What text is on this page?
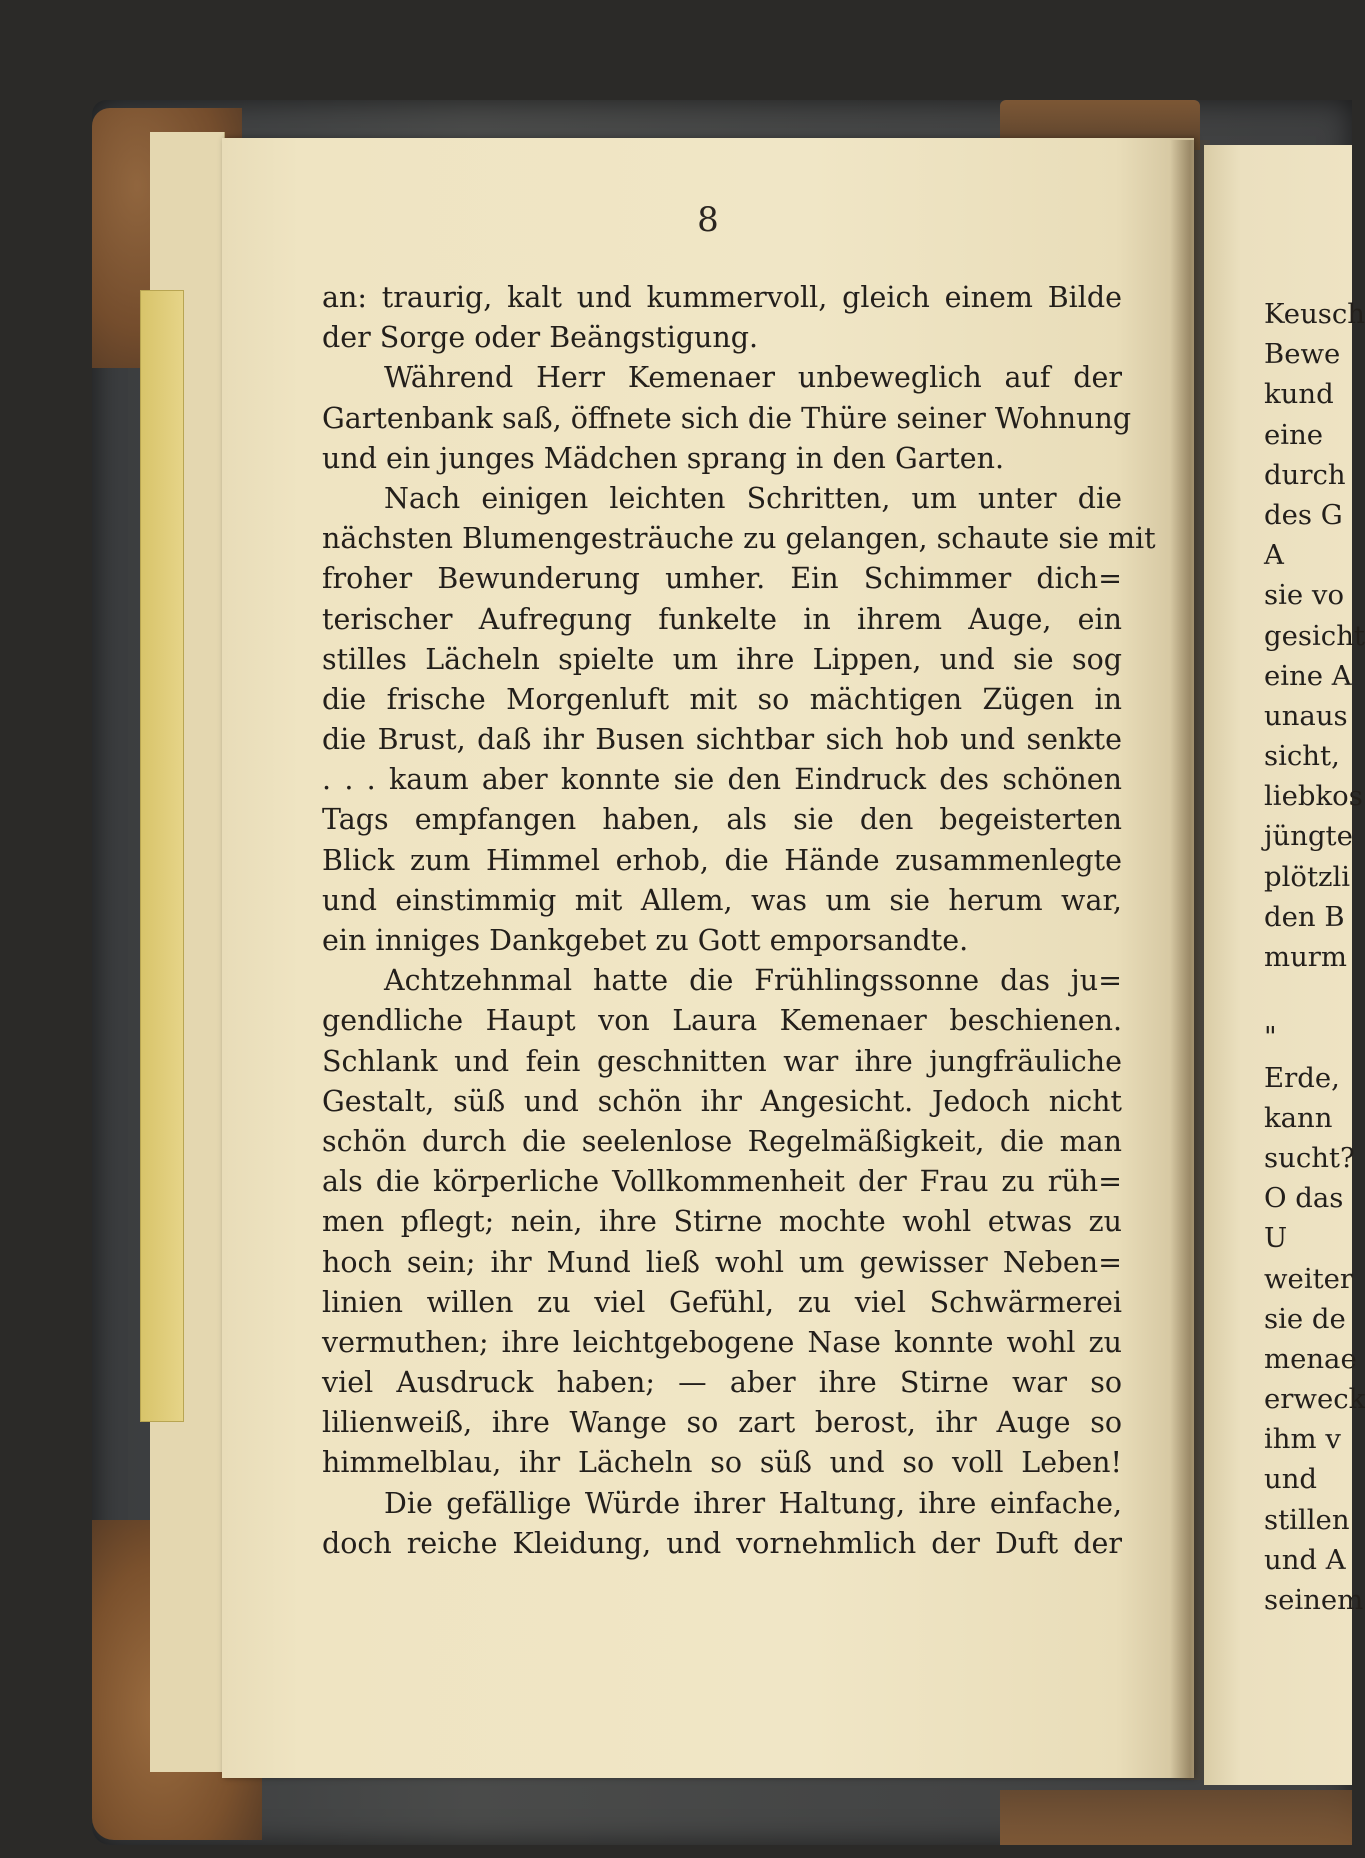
8
an: traurig, kalt und kummervoll, gleich einem Bilde
der Sorge oder Beängstigung.
Während Herr Kemenaer unbeweglich auf der
Gartenbank saß, öffnete sich die Thüre seiner Wohnung
und ein junges Mädchen sprang in den Garten.
Nach einigen leichten Schritten, um unter die
nächsten Blumengesträuche zu gelangen, schaute sie mit
froher Bewunderung umher. Ein Schimmer dich=
terischer Aufregung funkelte in ihrem Auge, ein
stilles Lächeln spielte um ihre Lippen, und sie sog
die frische Morgenluft mit so mächtigen Zügen in
die Brust, daß ihr Busen sichtbar sich hob und senkte
. . . kaum aber konnte sie den Eindruck des schönen
Tags empfangen haben, als sie den begeisterten
Blick zum Himmel erhob, die Hände zusammenlegte
und einstimmig mit Allem, was um sie herum war,
ein inniges Dankgebet zu Gott emporsandte.
Achtzehnmal hatte die Frühlingssonne das ju=
gendliche Haupt von Laura Kemenaer beschienen.
Schlank und fein geschnitten war ihre jungfräuliche
Gestalt, süß und schön ihr Angesicht. Jedoch nicht
schön durch die seelenlose Regelmäßigkeit, die man
als die körperliche Vollkommenheit der Frau zu rüh=
men pflegt; nein, ihre Stirne mochte wohl etwas zu
hoch sein; ihr Mund ließ wohl um gewisser Neben=
linien willen zu viel Gefühl, zu viel Schwärmerei
vermuthen; ihre leichtgebogene Nase konnte wohl zu
viel Ausdruck haben; — aber ihre Stirne war so
lilienweiß, ihre Wange so zart berost, ihr Auge so
himmelblau, ihr Lächeln so süß und so voll Leben!
Die gefällige Würde ihrer Haltung, ihre einfache,
doch reiche Kleidung, und vornehmlich der Duft der
Keusch
Bewe
kund
eine
durch
des G
A
sie vo
gesicht
eine A
unaus
sicht,
liebkos
jüngte
plötzli
den B
murm
"
Erde,
kann
sucht?
O das
U
weiter
sie de
menae
erweck
ihm v
und
stillen
und A
seinem
